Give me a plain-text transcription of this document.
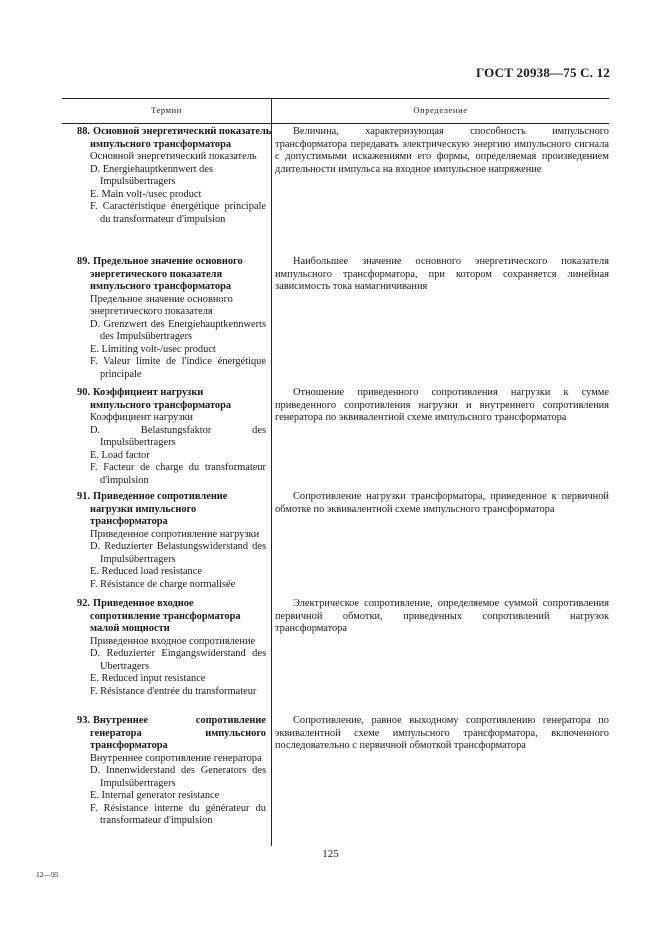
ГОСТ 20938—75 С. 12
Термин	Определение
88. Основной энергетический показатель
импульсного трансформатора
Основной энергетический показатель
D. Energiehauptkennwert des Impulsübertragers
E. Main volt-/usec product
F. Caractéristique énergétique principale du transformateur d'impulsion
Величина, характеризующая способность импульсного трансформатора передавать электрическую энергию импульсного сигнала с допустимыми искажениями его формы, определяемая произведением длительности импульса на входное импульсное напряжение
89. Предельное значение основного энергетического показателя импульсного трансформатора
Предельное значение основного энергетического показателя
D. Grenzwert des Energiehauptkennwerts des Impulsübertragers
E. Limiting volt-/usec product
F. Valeur limite de l'indice énergétique principale
Наибольшее значение основного энергетического показателя импульсного трансформатора, при котором сохраняется линейная зависимость тока намагничивания
90. Коэффициент нагрузки импульсного трансформатора
Коэффициент нагрузки
D. Belastungsfaktor des Impulsübertragers
E. Load factor
F. Facteur de charge du transformateur d'impulsion
Отношение приведенного сопротивления нагрузки к сумме приведенного сопротивления нагрузки и внутреннего сопротивления генератора по эквивалентной схеме импульсного трансформатора
91. Приведенное сопротивление нагрузки импульсного трансформатора
Приведенное сопротивление нагрузки
D. Reduzierter Belastungswiderstand des Impulsübertragers
E. Reduced load resistance
F. Résistance de charge normalisée
Сопротивление нагрузки трансформатора, приведенное к первичной обмотке по эквивалентной схеме импульсного трансформатора
92. Приведенное входное сопротивление трансформатора малой мощности
Приведенное входное сопротивление
D. Reduzierter Eingangswiderstand des Ubertragers
E. Reduced input resistance
F. Résistance d'entrée du transformateur
Электрическое сопротивление, определяемое суммой сопротивления первичной обмотки, приведенных сопротивлений нагрузок трансформатора
93. Внутреннее сопротивление генератора импульсного трансформатора
Внутреннее сопротивление генератора
D. Innenwiderstand des Generators des Impulsübertragers
E. Internal generator resistance
F. Résistance interne du générateur du transformateur d'impulsion
Сопротивление, равное выходному сопротивлению генератора по эквивалентной схеме импульсного трансформатора, включенного последовательно с первичной обмоткой трансформатора
125
12—95
